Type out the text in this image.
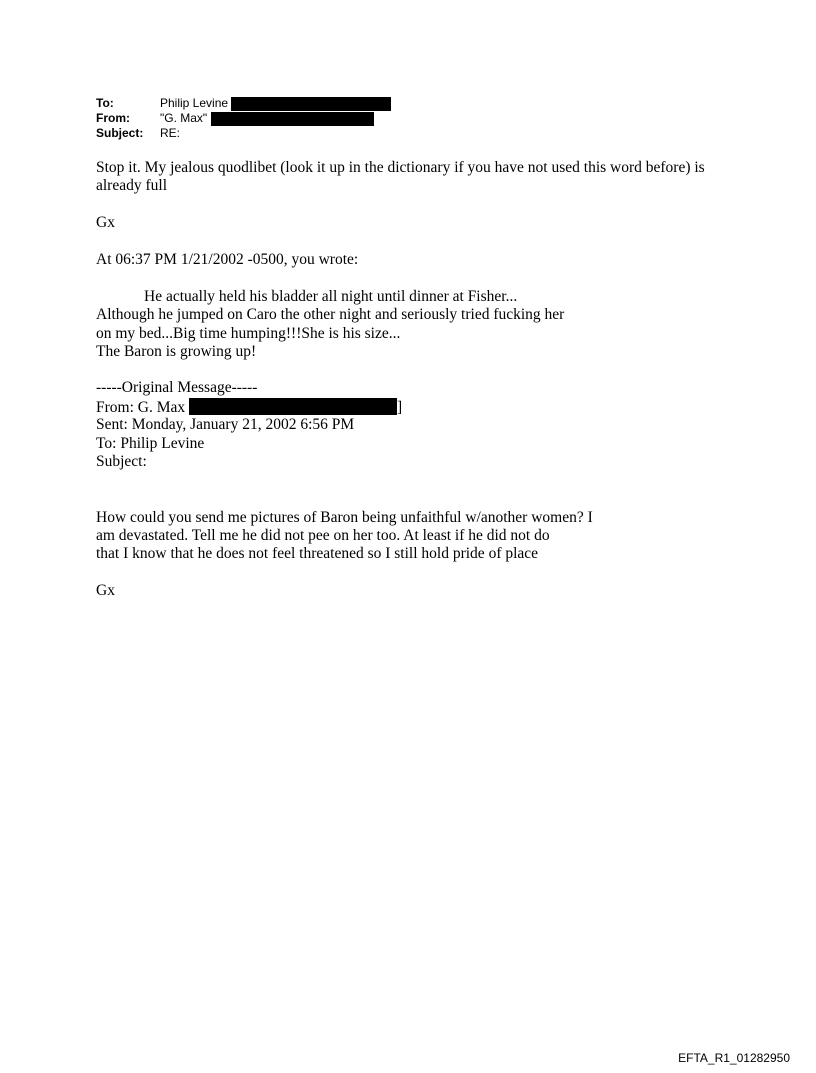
To:	Philip Levine
From:	"G. Max"
Subject:	RE:
Stop it. My jealous quodlibet (look it up in the dictionary if you have not used this word before) is
already full
Gx
At 06:37 PM 1/21/2002 -0500, you wrote:
He actually held his bladder all night until dinner at Fisher...
Although he jumped on Caro the other night and seriously tried fucking her
on my bed...Big time humping!!!She is his size...
The Baron is growing up!
-----Original Message-----
From: G. Max	]
Sent: Monday, January 21, 2002 6:56 PM
To: Philip Levine
Subject:
How could you send me pictures of Baron being unfaithful w/another women? I
am devastated. Tell me he did not pee on her too. At least if he did not do
that I know that he does not feel threatened so I still hold pride of place
Gx
EFTA_R1_01282950
